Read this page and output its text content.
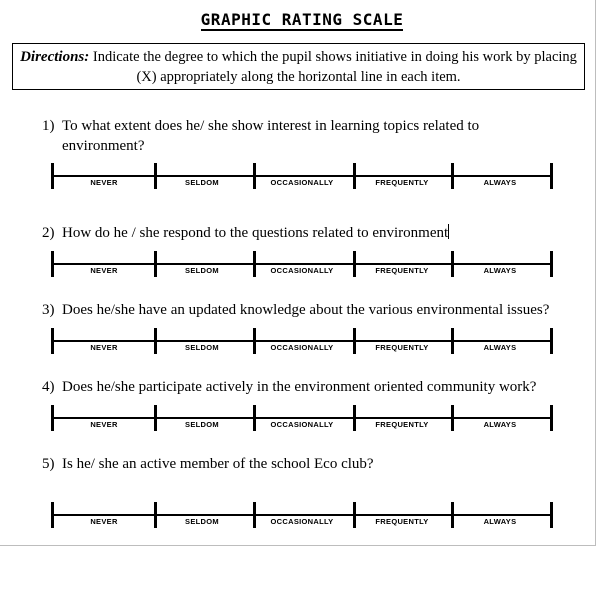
GRAPHIC RATING SCALE
Directions: Indicate the degree to which the pupil shows initiative in doing his work by placing (X) appropriately along the horizontal line in each item.
1) To what extent does he/ she show interest in learning topics related to
environment?
NEVER	SELDOM	OCCASIONALLY	FREQUENTLY	ALWAYS
2) How do he / she respond to the questions related to environment
NEVER	SELDOM	OCCASIONALLY	FREQUENTLY	ALWAYS
3) Does he/she have an updated knowledge about the various environmental issues?
NEVER	SELDOM	OCCASIONALLY	FREQUENTLY	ALWAYS
4) Does he/she participate actively in the environment oriented community work?
NEVER	SELDOM	OCCASIONALLY	FREQUENTLY	ALWAYS
5) Is he/ she an active member of the school Eco club?
NEVER	SELDOM	OCCASIONALLY	FREQUENTLY	ALWAYS
